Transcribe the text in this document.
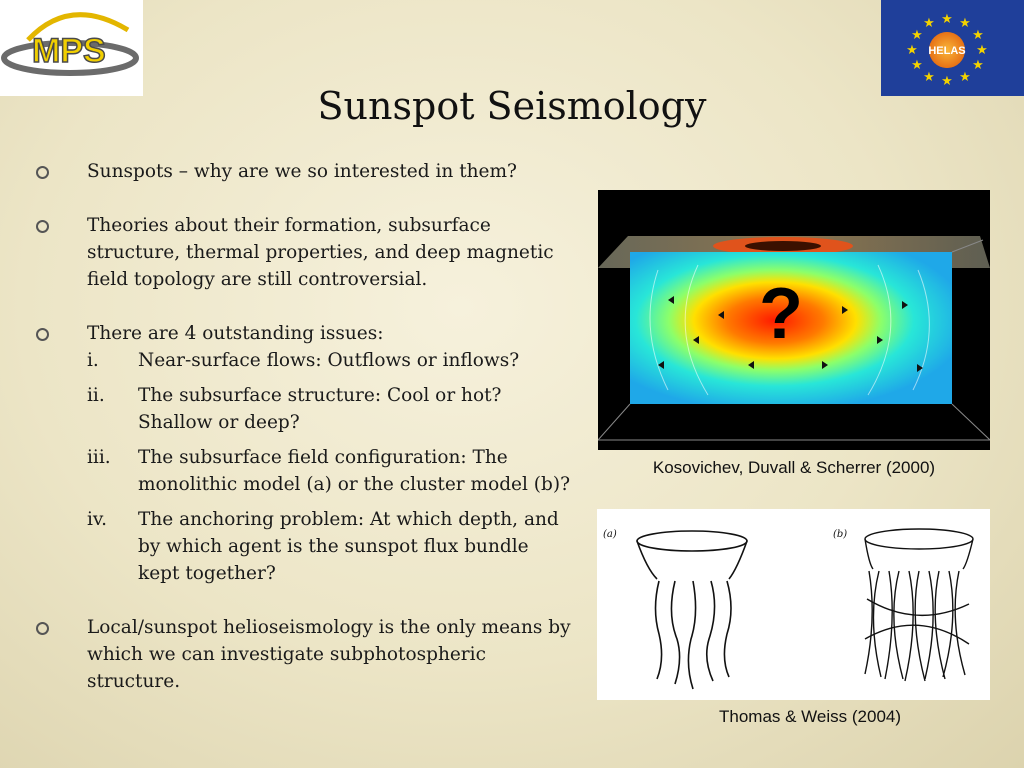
MPS
★ ★
★
★
★
★
★
★
★
★
★
★
HELAS
Sunspot Seismology
Sunspots – why are we so interested in them?
Theories about their formation, subsurface structure, thermal properties, and deep magnetic field topology are still controversial.
There are 4 outstanding issues:
i. Near-surface flows: Outflows or inflows?
ii. The subsurface structure: Cool or hot? Shallow or deep?
iii. The subsurface field configuration: The monolithic model (a) or the cluster model (b)?
iv. The anchoring problem: At which depth, and by which agent is the sunspot flux bundle kept together?
Local/sunspot helioseismology is the only means by which we can investigate subphotospheric structure.
?
Kosovichev, Duvall & Scherrer (2000)
(a)	(b)
Thomas & Weiss (2004)
